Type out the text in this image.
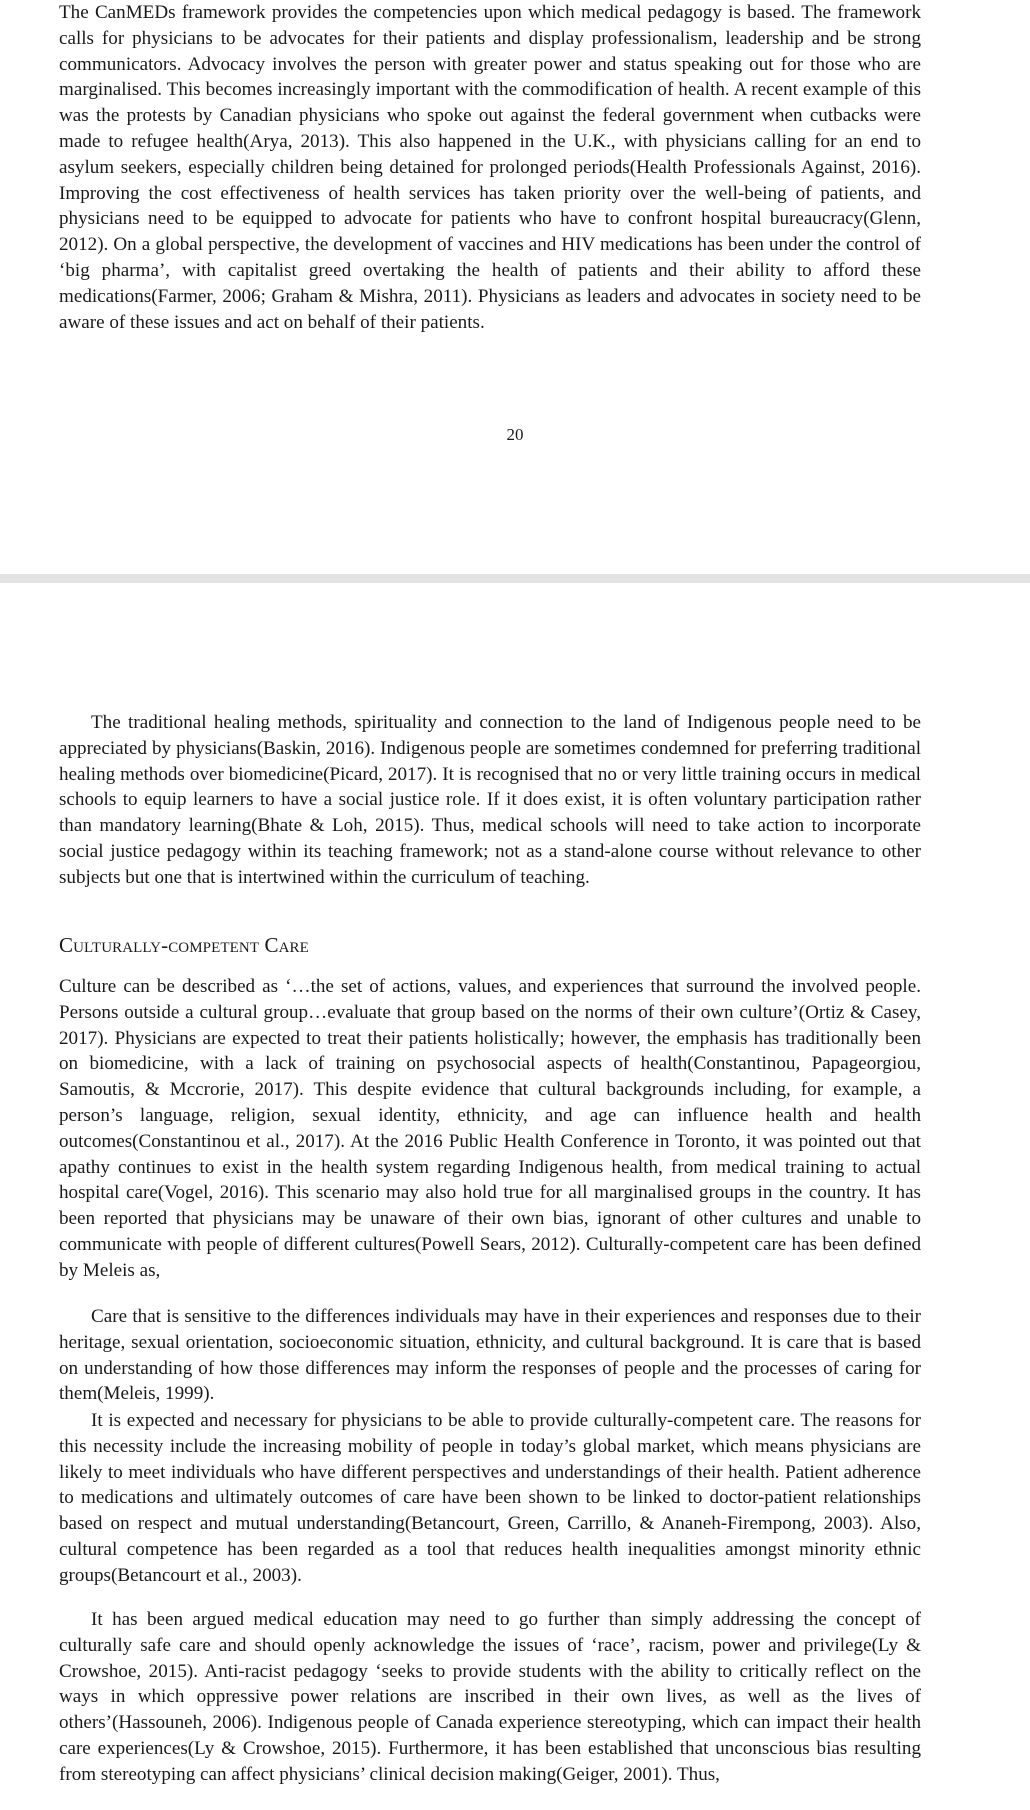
The CanMEDs framework provides the competencies upon which medical pedagogy is based. The framework calls for physicians to be advocates for their patients and display professionalism, leadership and be strong communicators. Advocacy involves the person with greater power and status speaking out for those who are marginalised. This becomes increasingly important with the commodification of health. A recent example of this was the protests by Canadian physicians who spoke out against the federal government when cutbacks were made to refugee health(Arya, 2013). This also happened in the U.K., with physicians calling for an end to asylum seekers, especially children being detained for prolonged periods(Health Professionals Against, 2016). Improving the cost effectiveness of health services has taken priority over the well-being of patients, and physicians need to be equipped to advocate for patients who have to confront hospital bureaucracy(Glenn, 2012). On a global perspective, the development of vaccines and HIV medications has been under the control of ‘big pharma’, with capitalist greed overtaking the health of patients and their ability to afford these medications(Farmer, 2006; Graham & Mishra, 2011). Physicians as leaders and advocates in society need to be aware of these issues and act on behalf of their patients.

20

The traditional healing methods, spirituality and connection to the land of Indigenous people need to be appreciated by physicians(Baskin, 2016). Indigenous people are sometimes condemned for preferring traditional healing methods over biomedicine(Picard, 2017). It is recognised that no or very little training occurs in medical schools to equip learners to have a social justice role. If it does exist, it is often voluntary participation rather than mandatory learning(Bhate & Loh, 2015). Thus, medical schools will need to take action to incorporate social justice pedagogy within its teaching framework; not as a stand-alone course without relevance to other subjects but one that is intertwined within the curriculum of teaching.

Culturally-competent Care

Culture can be described as ‘…the set of actions, values, and experiences that surround the involved people. Persons outside a cultural group…evaluate that group based on the norms of their own culture’(Ortiz & Casey, 2017). Physicians are expected to treat their patients holistically; however, the emphasis has traditionally been on biomedicine, with a lack of training on psychosocial aspects of health(Constantinou, Papageorgiou, Samoutis, & Mccrorie, 2017). This despite evidence that cultural backgrounds including, for example, a person’s language, religion, sexual identity, ethnicity, and age can influence health and health outcomes(Constantinou et al., 2017). At the 2016 Public Health Conference in Toronto, it was pointed out that apathy continues to exist in the health system regarding Indigenous health, from medical training to actual hospital care(Vogel, 2016). This scenario may also hold true for all marginalised groups in the country. It has been reported that physicians may be unaware of their own bias, ignorant of other cultures and unable to communicate with people of different cultures(Powell Sears, 2012). Culturally-competent care has been defined by Meleis as,

Care that is sensitive to the differences individuals may have in their experiences and responses due to their heritage, sexual orientation, socioeconomic situation, ethnicity, and cultural background. It is care that is based on understanding of how those differences may inform the responses of people and the processes of caring for them(Meleis, 1999).

It is expected and necessary for physicians to be able to provide culturally-competent care. The reasons for this necessity include the increasing mobility of people in today’s global market, which means physicians are likely to meet individuals who have different perspectives and understandings of their health. Patient adherence to medications and ultimately outcomes of care have been shown to be linked to doctor-patient relationships based on respect and mutual understanding(Betancourt, Green, Carrillo, & Ananeh-Firempong, 2003). Also, cultural competence has been regarded as a tool that reduces health inequalities amongst minority ethnic groups(Betancourt et al., 2003).

It has been argued medical education may need to go further than simply addressing the concept of culturally safe care and should openly acknowledge the issues of ‘race’, racism, power and privilege(Ly & Crowshoe, 2015). Anti-racist pedagogy ‘seeks to provide students with the ability to critically reflect on the ways in which oppressive power relations are inscribed in their own lives, as well as the lives of others’(Hassouneh, 2006). Indigenous people of Canada experience stereotyping, which can impact their health care experiences(Ly & Crowshoe, 2015). Furthermore, it has been established that unconscious bias resulting from stereotyping can affect physicians’ clinical decision making(Geiger, 2001). Thus,
